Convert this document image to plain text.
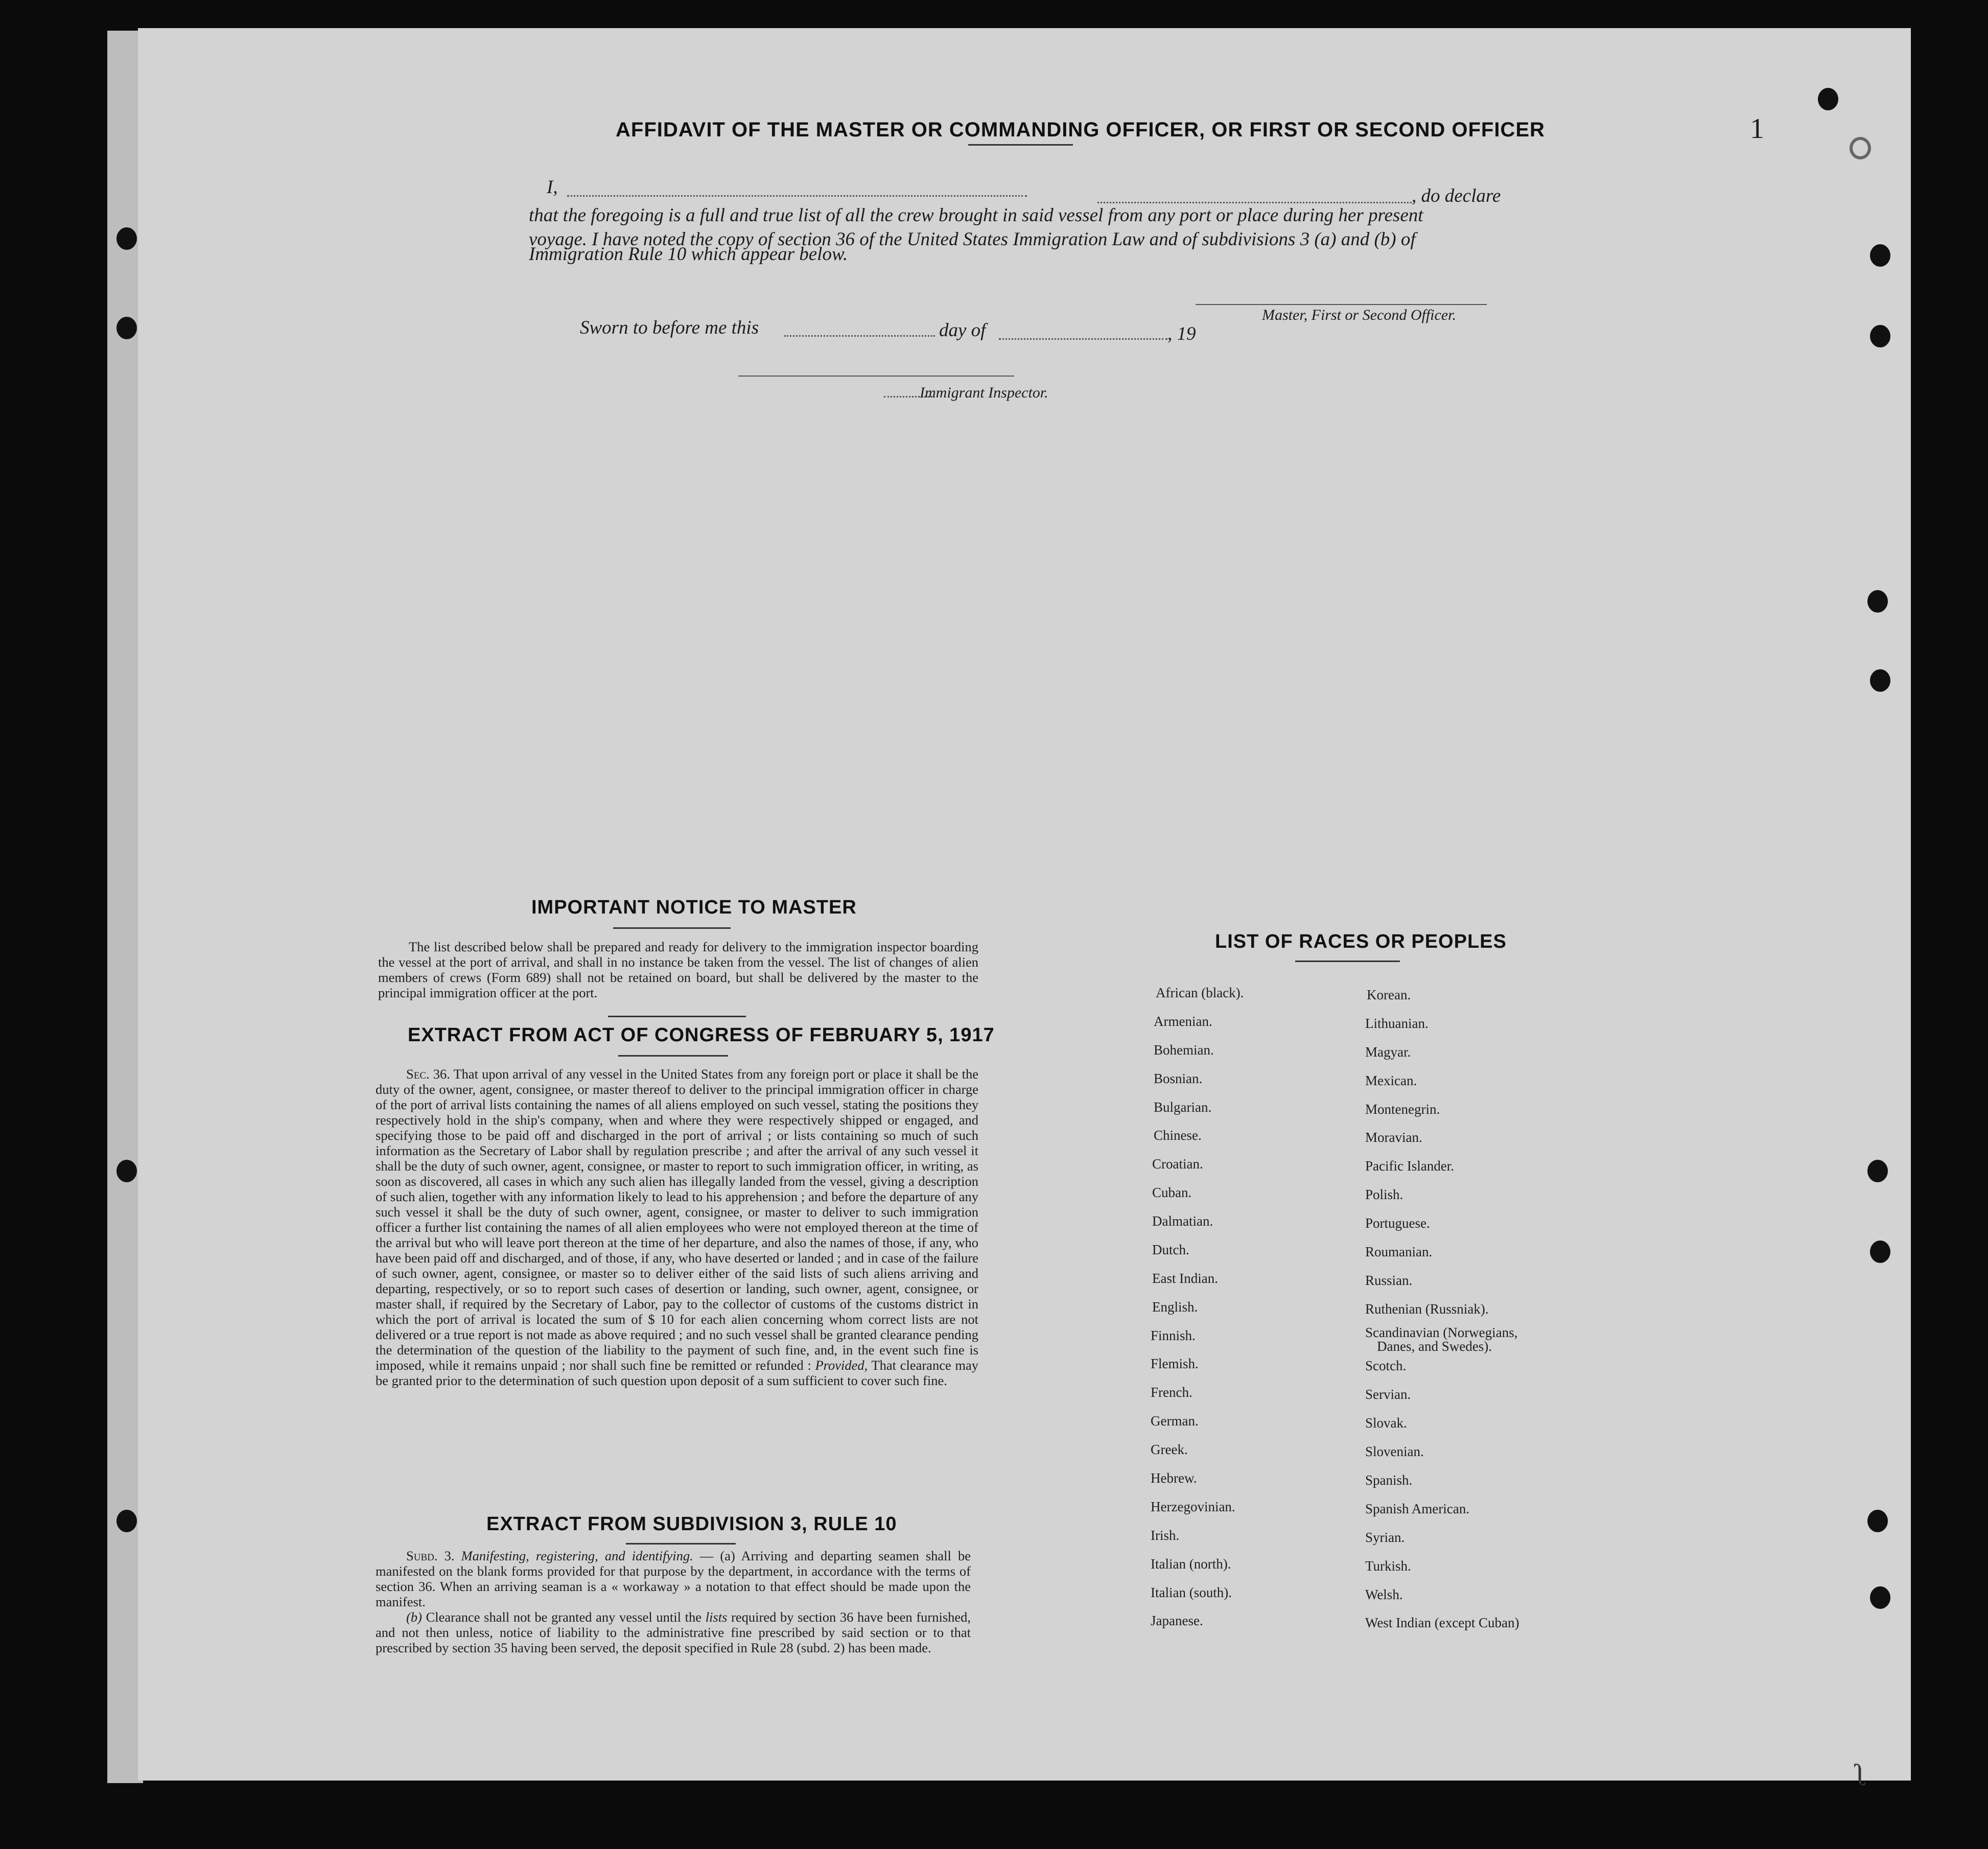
1
ʅ
AFFIDAVIT OF THE MASTER OR COMMANDING OFFICER, OR FIRST OR SECOND OFFICER
I,	, do declare
that the foregoing is a full and true list of all the crew brought in said vessel from any port or place during her present
voyage. I have noted the copy of section 36 of the United States Immigration Law and of subdivisions 3 (a) and (b) of
Immigration Rule 10 which appear below.
Master, First or Second Officer.
Sworn to before me this	day of	, 19
Immigrant Inspector.
IMPORTANT NOTICE TO MASTER

The list described below shall be prepared and ready for delivery to the immigration inspector boarding the vessel at the port of arrival, and shall in no instance be taken from the vessel. The list of changes of alien members of crews (Form 689) shall not be retained on board, but shall be delivered by the master to the principal immigration officer at the port.

EXTRACT FROM ACT OF CONGRESS OF FEBRUARY 5, 1917

Sec. 36. That upon arrival of any vessel in the United States from any foreign port or place it shall be the duty of the owner, agent, consignee, or master thereof to deliver to the principal immigration officer in charge of the port of arrival lists containing the names of all aliens employed on such vessel, stating the positions they respectively hold in the ship's company, when and where they were respectively shipped or engaged, and specifying those to be paid off and discharged in the port of arrival ; or lists containing so much of such information as the Secretary of Labor shall by regulation prescribe ; and after the arrival of any such vessel it shall be the duty of such owner, agent, consignee, or master to report to such immigration officer, in writing, as soon as discovered, all cases in which any such alien has illegally landed from the vessel, giving a description of such alien, together with any information likely to lead to his apprehension ; and before the departure of any such vessel it shall be the duty of such owner, agent, consignee, or master to deliver to such immigration officer a further list containing the names of all alien employees who were not employed thereon at the time of the arrival but who will leave port thereon at the time of her departure, and also the names of those, if any, who have been paid off and discharged, and of those, if any, who have deserted or landed ; and in case of the failure of such owner, agent, consignee, or master so to deliver either of the said lists of such aliens arriving and departing, respectively, or so to report such cases of desertion or landing, such owner, agent, consignee, or master shall, if required by the Secretary of Labor, pay to the collector of customs of the customs district in which the port of arrival is located the sum of $ 10 for each alien concerning whom correct lists are not delivered or a true report is not made as above required ; and no such vessel shall be granted clearance pending the determination of the question of the liability to the payment of such fine, and, in the event such fine is imposed, while it remains unpaid ; nor shall such fine be remitted or refunded : Provided, That clearance may be granted prior to the determination of such question upon deposit of a sum sufficient to cover such fine.

EXTRACT FROM SUBDIVISION 3, RULE 10

Subd. 3. Manifesting, registering, and identifying. — (a) Arriving and departing seamen shall be manifested on the blank forms provided for that purpose by the department, in accordance with the terms of section 36. When an arriving seaman is a « workaway » a notation to that effect should be made upon the manifest.

(b) Clearance shall not be granted any vessel until the lists required by section 36 have been furnished, and not then unless, notice of liability to the administrative fine prescribed by said section or to that prescribed by section 35 having been served, the deposit specified in Rule 28 (subd. 2) has been made.

LIST OF RACES OR PEOPLES
African (black).
Armenian.
Bohemian.
Bosnian.
Bulgarian.
Chinese.
Croatian.
Cuban.
Dalmatian.
Dutch.
East Indian.
English.
Finnish.
Flemish.
French.
German.
Greek.
Hebrew.
Herzegovinian.
Irish.
Italian (north).
Italian (south).
Japanese.
Korean.
Lithuanian.
Magyar.
Mexican.
Montenegrin.
Moravian.
Pacific Islander.
Polish.
Portuguese.
Roumanian.
Russian.
Ruthenian (Russniak).
Scandinavian (Norwegians,
Danes, and Swedes).
Scotch.
Servian.
Slovak.
Slovenian.
Spanish.
Spanish American.
Syrian.
Turkish.
Welsh.
West Indian (except Cuban)
